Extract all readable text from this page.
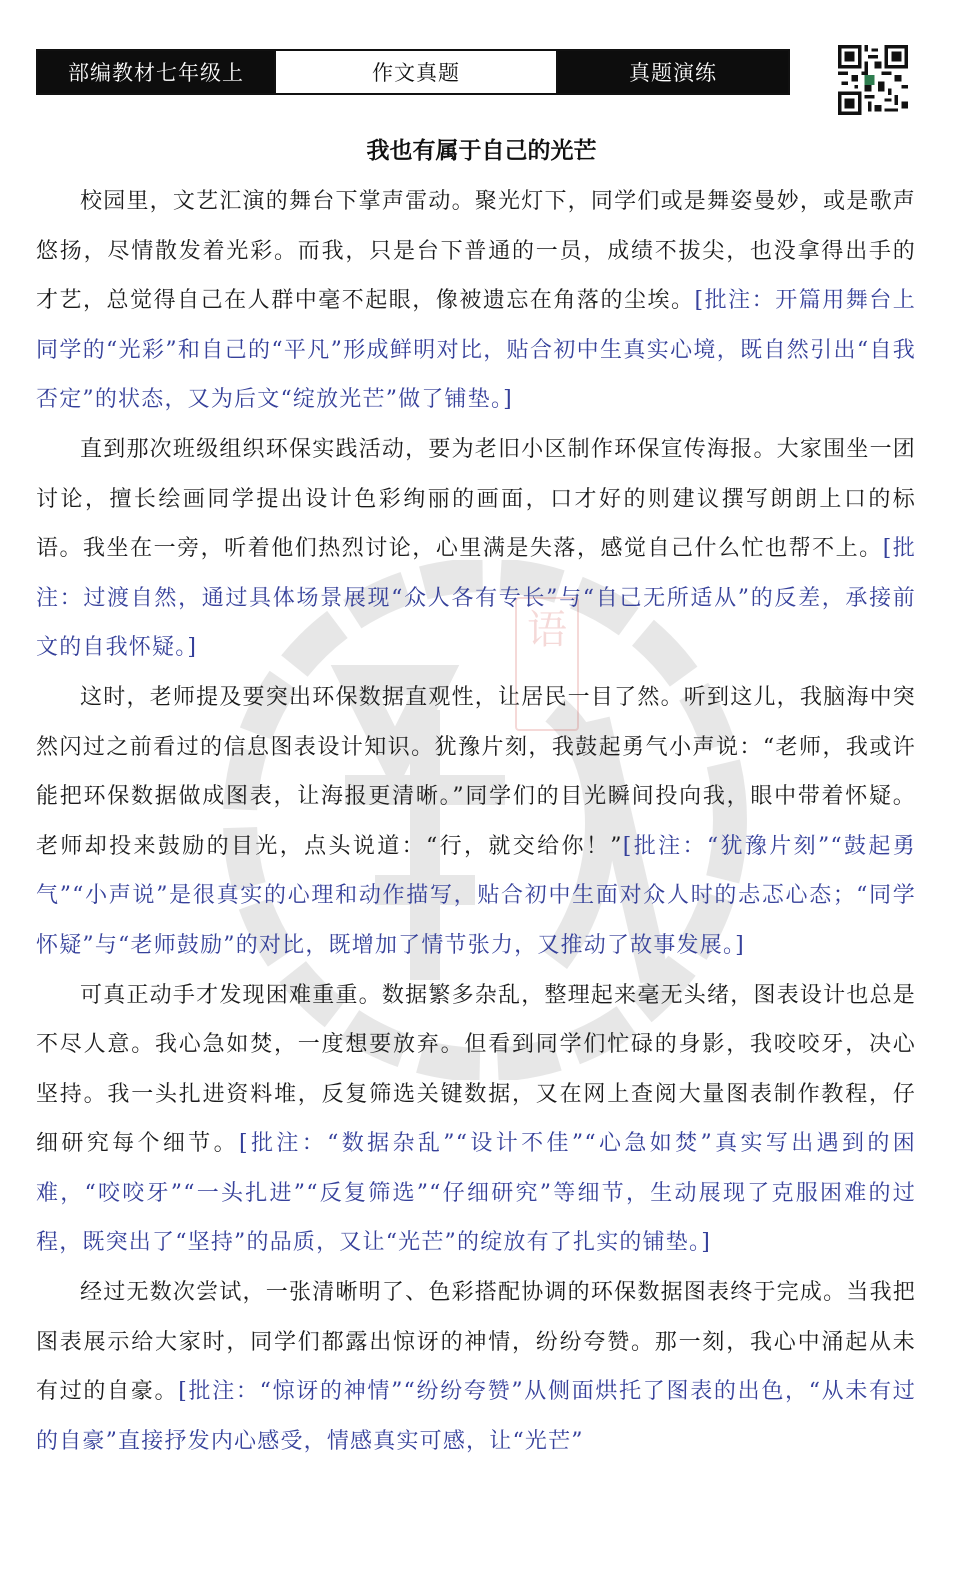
部编教材七年级上	作文真题	真题演练
我也有属于自己的光芒
语

校园里，文艺汇演的舞台下掌声雷动。聚光灯下，同学们或是舞姿曼妙，或是歌声悠扬，尽情散发着光彩。而我，只是台下普通的一员，成绩不拔尖，也没拿得出手的才艺，总觉得自己在人群中毫不起眼，像被遗忘在角落的尘埃。[批注：开篇用舞台上同学的“光彩”和自己的“平凡”形成鲜明对比，贴合初中生真实心境，既自然引出“自我否定”的状态，又为后文“绽放光芒”做了铺垫。]

直到那次班级组织环保实践活动，要为老旧小区制作环保宣传海报。大家围坐一团讨论，擅长绘画同学提出设计色彩绚丽的画面，口才好的则建议撰写朗朗上口的标语。我坐在一旁，听着他们热烈讨论，心里满是失落，感觉自己什么忙也帮不上。[批注：过渡自然，通过具体场景展现“众人各有专长”与“自己无所适从”的反差，承接前文的自我怀疑。]

这时，老师提及要突出环保数据直观性，让居民一目了然。听到这儿，我脑海中突然闪过之前看过的信息图表设计知识。犹豫片刻，我鼓起勇气小声说：“老师，我或许能把环保数据做成图表，让海报更清晰。”同学们的目光瞬间投向我，眼中带着怀疑。老师却投来鼓励的目光，点头说道：“行，就交给你！”[批注：“犹豫片刻”“鼓起勇气”“小声说”是很真实的心理和动作描写，贴合初中生面对众人时的忐忑心态；“同学怀疑”与“老师鼓励”的对比，既增加了情节张力，又推动了故事发展。]

可真正动手才发现困难重重。数据繁多杂乱，整理起来毫无头绪，图表设计也总是不尽人意。我心急如焚，一度想要放弃。但看到同学们忙碌的身影，我咬咬牙，决心坚持。我一头扎进资料堆，反复筛选关键数据，又在网上查阅大量图表制作教程，仔细研究每个细节。[批注：“数据杂乱”“设计不佳”“心急如焚”真实写出遇到的困难，“咬咬牙”“一头扎进”“反复筛选”“仔细研究”等细节，生动展现了克服困难的过程，既突出了“坚持”的品质，又让“光芒”的绽放有了扎实的铺垫。]

经过无数次尝试，一张清晰明了、色彩搭配协调的环保数据图表终于完成。当我把图表展示给大家时，同学们都露出惊讶的神情，纷纷夸赞。那一刻，我心中涌起从未有过的自豪。[批注：“惊讶的神情”“纷纷夸赞”从侧面烘托了图表的出色，“从未有过的自豪”直接抒发内心感受，情感真实可感，让“光芒”
